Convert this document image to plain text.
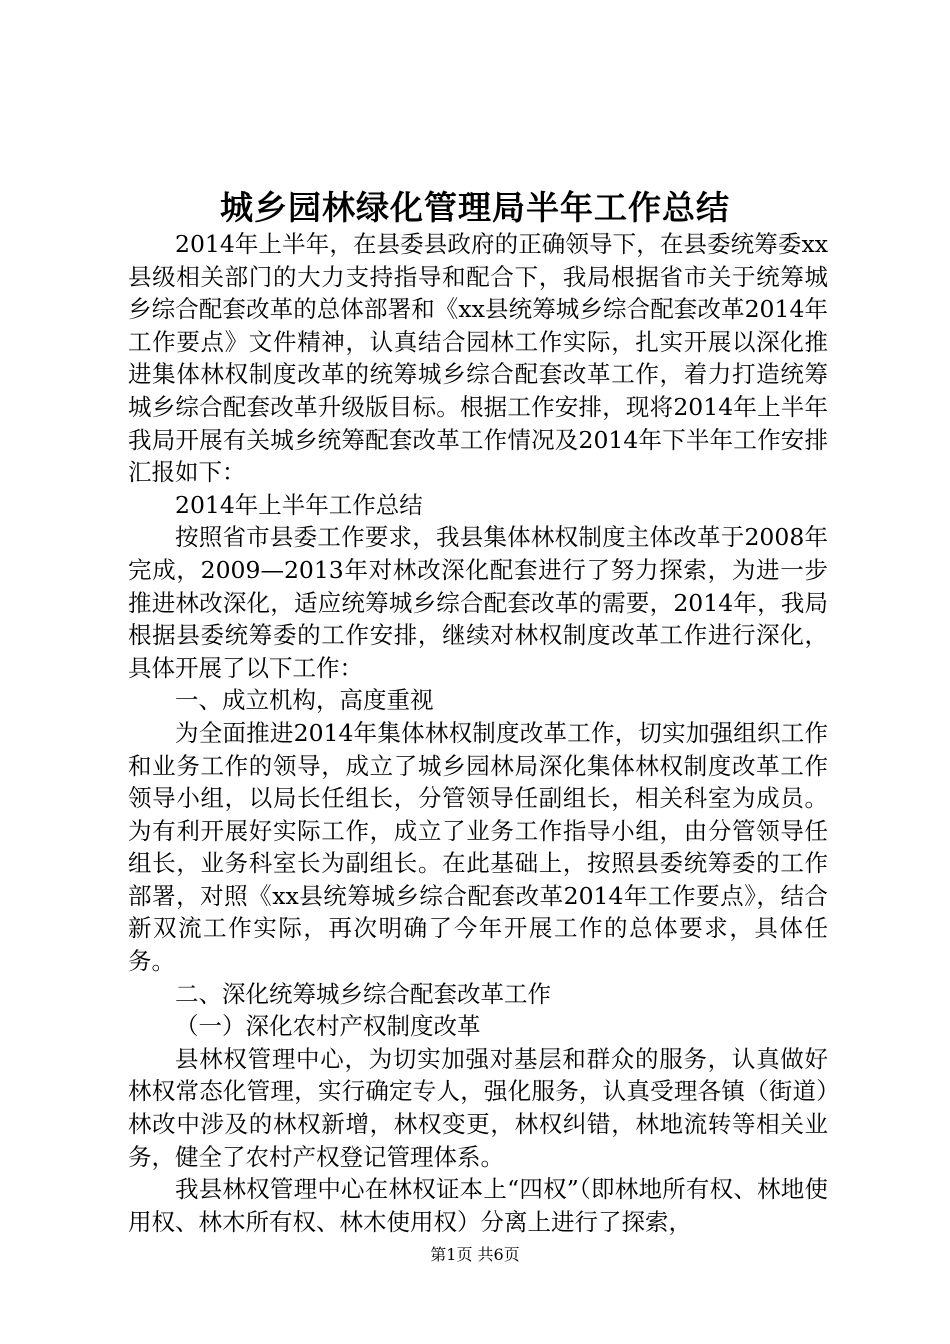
城乡园林绿化管理局半年工作总结

2014年上半年，在县委县政府的正确领导下，在县委统筹委xx县级相关部门的大力支持指导和配合下，我局根据省市关于统筹城乡综合配套改革的总体部署和《xx县统筹城乡综合配套改革2014年工作要点》文件精神，认真结合园林工作实际，扎实开展以深化推进集体林权制度改革的统筹城乡综合配套改革工作，着力打造统筹城乡综合配套改革升级版目标。根据工作安排，现将2014年上半年我局开展有关城乡统筹配套改革工作情况及2014年下半年工作安排汇报如下：

2014年上半年工作总结

按照省市县委工作要求，我县集体林权制度主体改革于2008年完成，2009—2013年对林改深化配套进行了努力探索，为进一步推进林改深化，适应统筹城乡综合配套改革的需要，2014年，我局根据县委统筹委的工作安排，继续对林权制度改革工作进行深化，具体开展了以下工作：

一、成立机构，高度重视

为全面推进2014年集体林权制度改革工作，切实加强组织工作和业务工作的领导，成立了城乡园林局深化集体林权制度改革工作领导小组，以局长任组长，分管领导任副组长，相关科室为成员。为有利开展好实际工作，成立了业务工作指导小组，由分管领导任组长，业务科室长为副组长。在此基础上，按照县委统筹委的工作部署，对照《xx县统筹城乡综合配套改革2014年工作要点》，结合新双流工作实际，再次明确了今年开展工作的总体要求，具体任务。

二、深化统筹城乡综合配套改革工作

（一）深化农村产权制度改革

县林权管理中心，为切实加强对基层和群众的服务，认真做好林权常态化管理，实行确定专人，强化服务，认真受理各镇（街道）林改中涉及的林权新增，林权变更，林权纠错，林地流转等相关业务，健全了农村产权登记管理体系。

我县林权管理中心在林权证本上“四权”（即林地所有权、林地使用权、林木所有权、林木使用权）分离上进行了探索，

第1页 共6页
